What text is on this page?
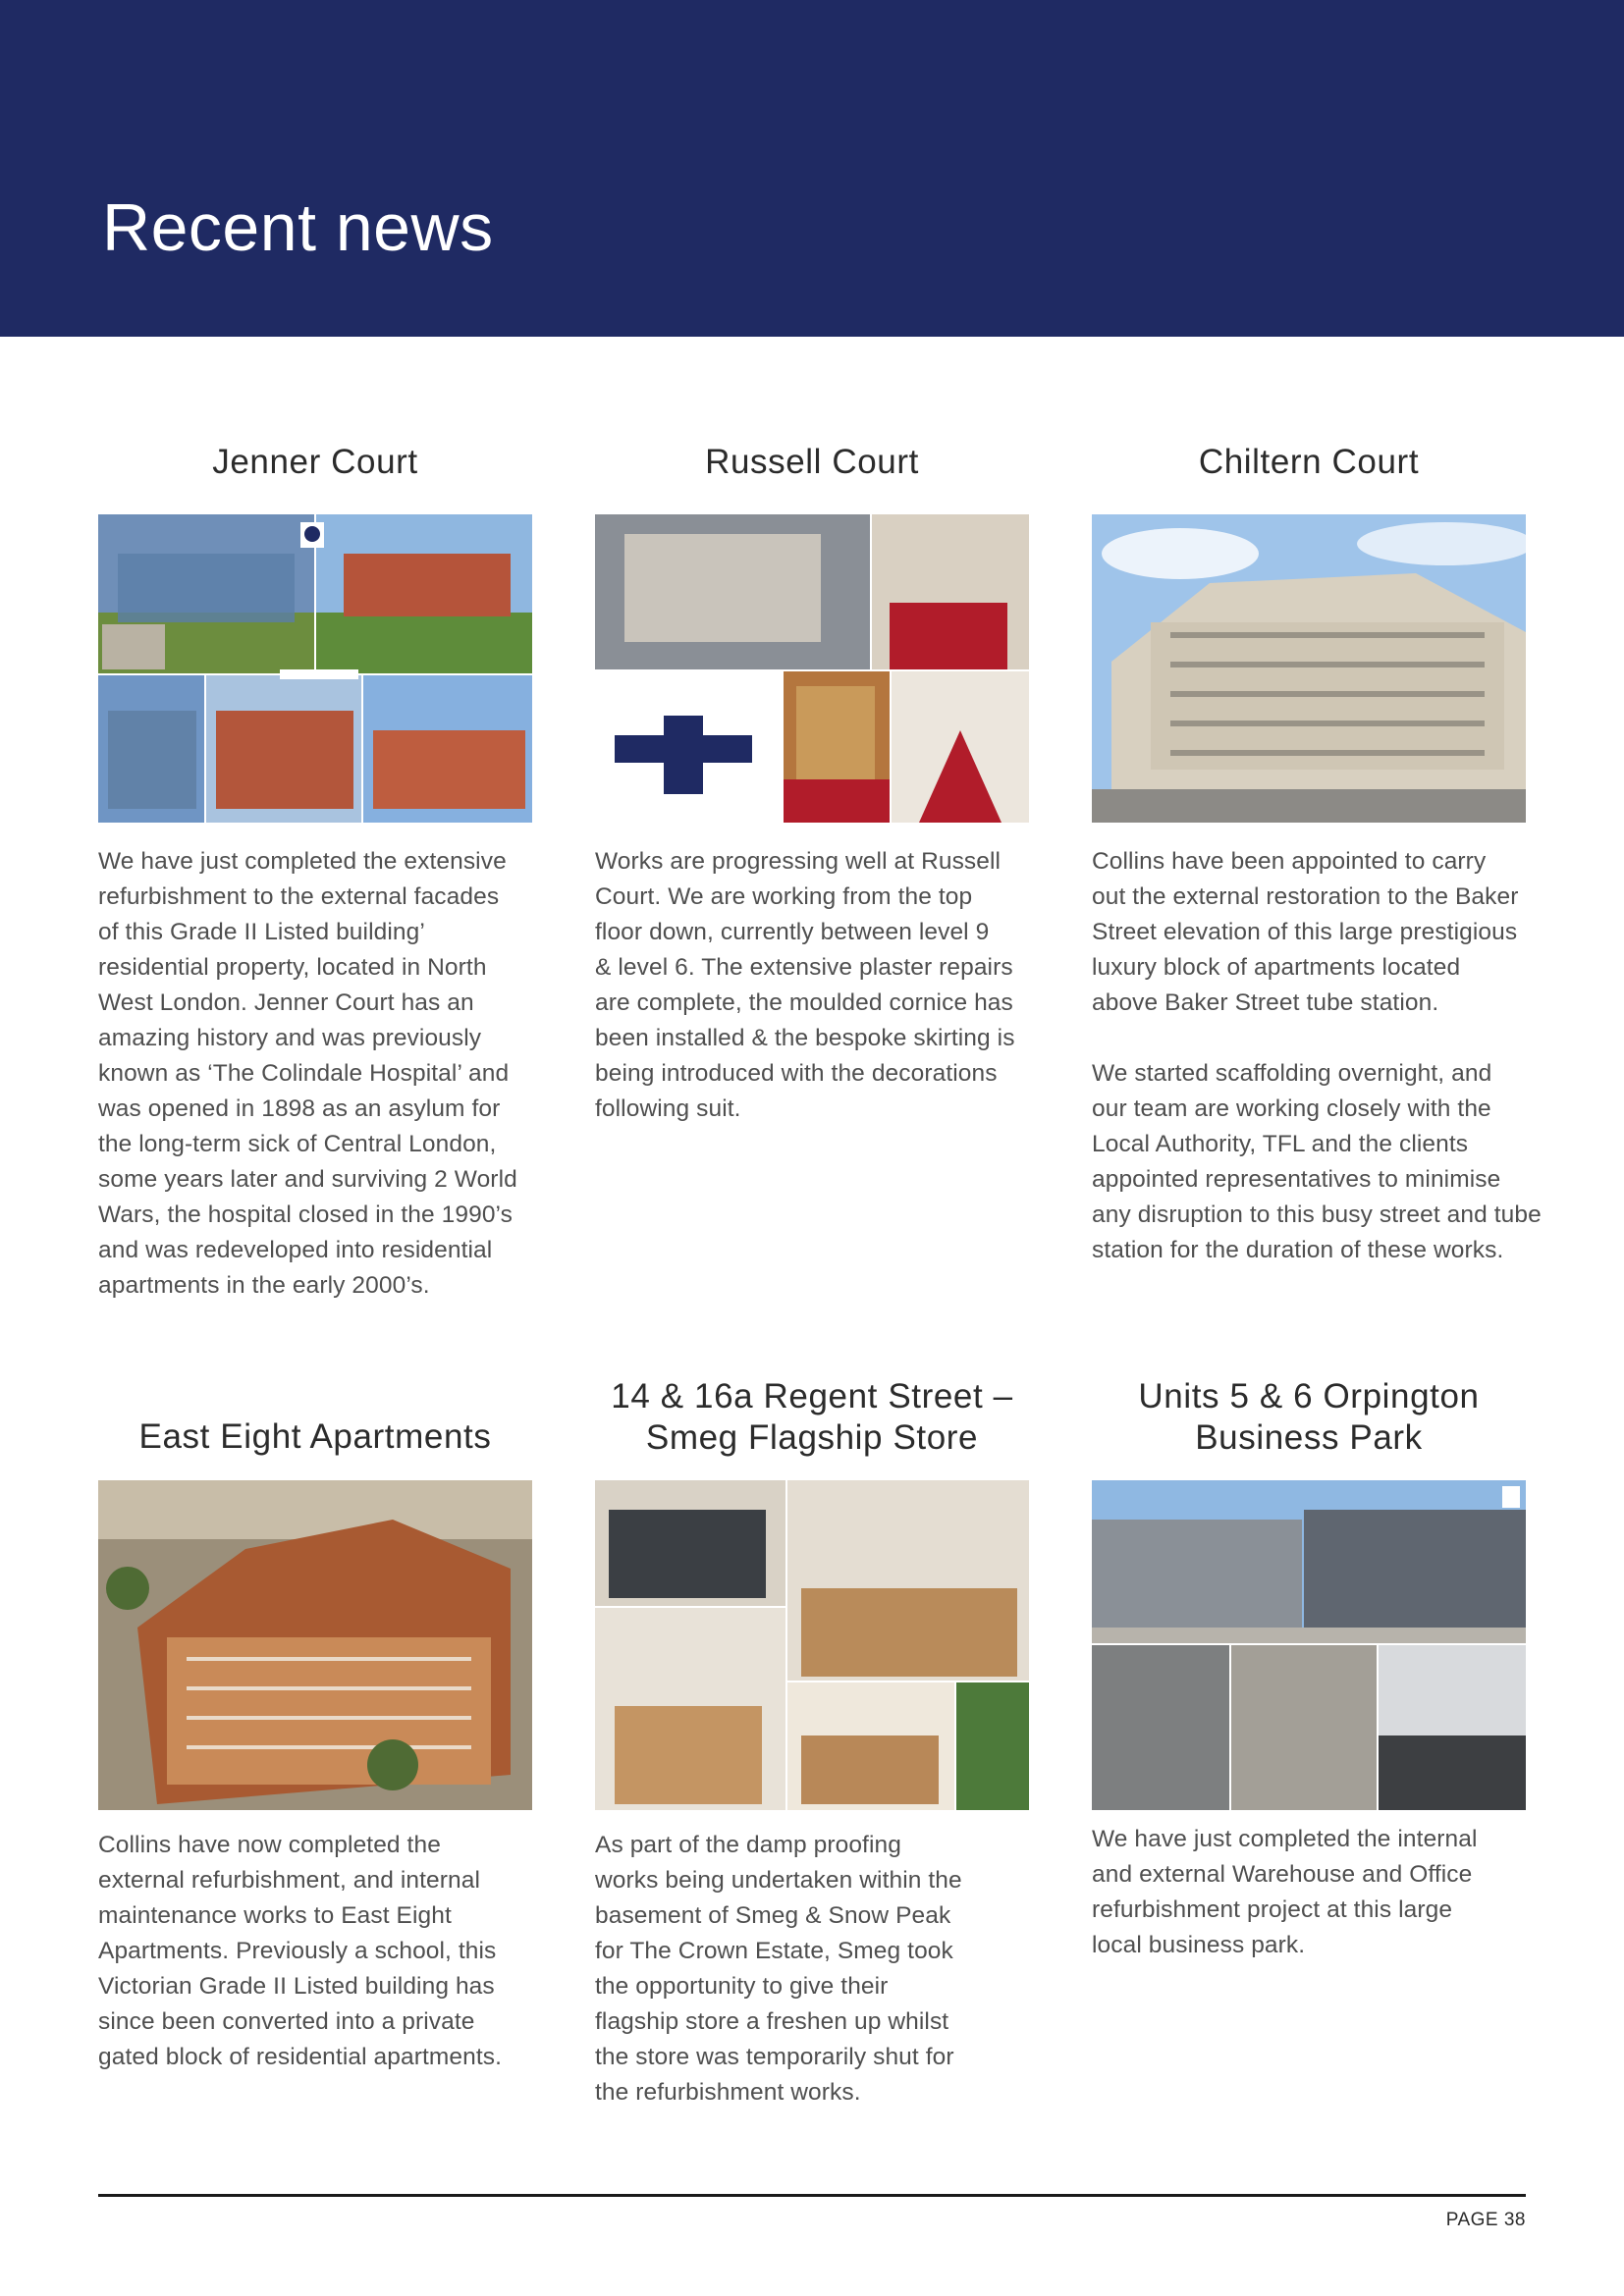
Recent news
Jenner Court

We have just completed the extensive
refurbishment to the external facades
of this Grade II Listed building’
residential property, located in North
West London. Jenner Court has an
amazing history and was previously
known as ‘The Colindale Hospital’ and
was opened in 1898 as an asylum for
the long-term sick of Central London,
some years later and surviving 2 World
Wars, the hospital closed in the 1990’s
and was redeveloped into residential
apartments in the early 2000’s.

Russell Court

Works are progressing well at Russell
Court. We are working from the top
floor down, currently between level 9
& level 6. The extensive plaster repairs
are complete, the moulded cornice has
been installed & the bespoke skirting is
being introduced with the decorations
following suit.

Chiltern Court

Collins have been appointed to carry
out the external restoration to the Baker
Street elevation of this large prestigious
luxury block of apartments located
above Baker Street tube station.

We started scaffolding overnight, and
our team are working closely with the
Local Authority, TFL and the clients
appointed representatives to minimise
any disruption to this busy street and tube
station for the duration of these works.

East Eight Apartments

Collins have now completed the
external refurbishment, and internal
maintenance works to East Eight
Apartments. Previously a school, this
Victorian Grade II Listed building has
since been converted into a private
gated block of residential apartments.

14 & 16a Regent Street –
Smeg Flagship Store

As part of the damp proofing
works being undertaken within the
basement of Smeg & Snow Peak
for The Crown Estate, Smeg took
the opportunity to give their
flagship store a freshen up whilst
the store was temporarily shut for
the refurbishment works.

Units 5 & 6 Orpington
Business Park

We have just completed the internal
and external Warehouse and Office
refurbishment project at this large
local business park.

PAGE 38
